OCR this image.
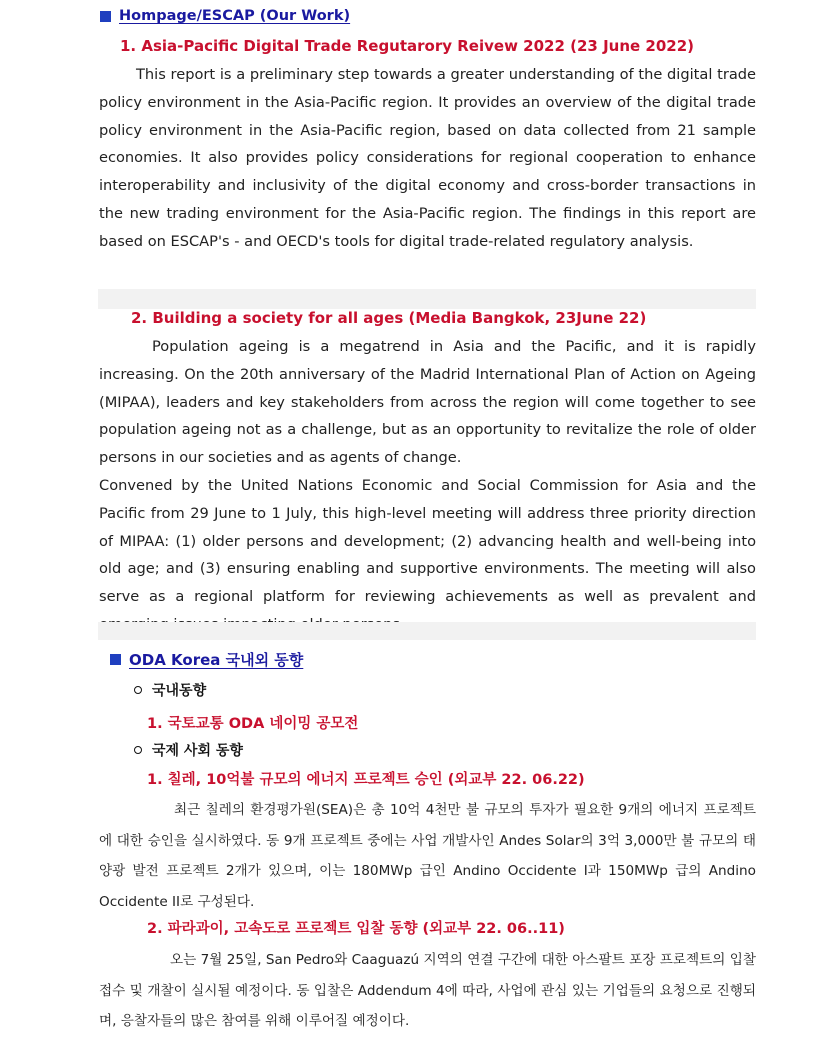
Hompage/ESCAP (Our Work)
1. Asia-Pacific Digital Trade Regutarory Reivew 2022 (23 June 2022)

This report is a preliminary step towards a greater understanding of the digital trade policy environment in the Asia-Pacific region. It provides an overview of the digital trade policy environment in the Asia-Pacific region, based on data collected from 21 sample economies. It also provides policy considerations for regional cooperation to enhance interoperability and inclusivity of the digital economy and cross-border transactions in the new trading environment for the Asia-Pacific region. The findings in this report are based on ESCAP's - and OECD's tools for digital trade-related regulatory analysis.

2. Building a society for all ages (Media Bangkok, 23June 22)

Population ageing is a megatrend in Asia and the Pacific, and it is rapidly increasing. On the 20th anniversary of the Madrid International Plan of Action on Ageing (MIPAA), leaders and key stakeholders from across the region will come together to see population ageing not as a challenge, but as an opportunity to revitalize the role of older persons in our societies and as agents of change.

Convened by the United Nations Economic and Social Commission for Asia and the Pacific from 29 June to 1 July, this high-level meeting will address three priority direction of MIPAA: (1) older persons and development; (2) advancing health and well-being into old age; and (3) ensuring enabling and supportive environments. The meeting will also serve as a regional platform for reviewing achievements as well as prevalent and

ODA Korea 국내외 동향
국내동향
1. 국토교통 ODA 네이밍 공모전
국제 사회 동향
1. 칠레, 10억불 규모의 에너지 프로젝트 승인 (외교부 22. 06.22)

최근 칠레의 환경평가원(SEA)은 총 10억 4천만 불 규모의 투자가 필요한 9개의 에너지 프로젝트에 대한 승인을 실시하였다. 동 9개 프로젝트 중에는 사업 개발사인 Andes Solar의 3억 3,000만 불 규모의 태양광 발전 프로젝트 2개가 있으며, 이는 180MWp 급인 Andino Occidente I과 150MWp 급의 Andino Occidente II로 구성된다.

2. 파라과이, 고속도로 프로젝트 입찰 동향 (외교부 22. 06..11)

오는 7월 25일, San Pedro와 Caaguazú 지역의 연결 구간에 대한 아스팔트 포장 프로젝트의 입찰 접수 및 개찰이 실시될 예정이다. 동 입찰은 Addendum 4에 따라, 사업에 관심 있는 기업들의 요청으로 진행되며, 응찰자들의 많은 참여를 위해 이루어질 예정이다.
